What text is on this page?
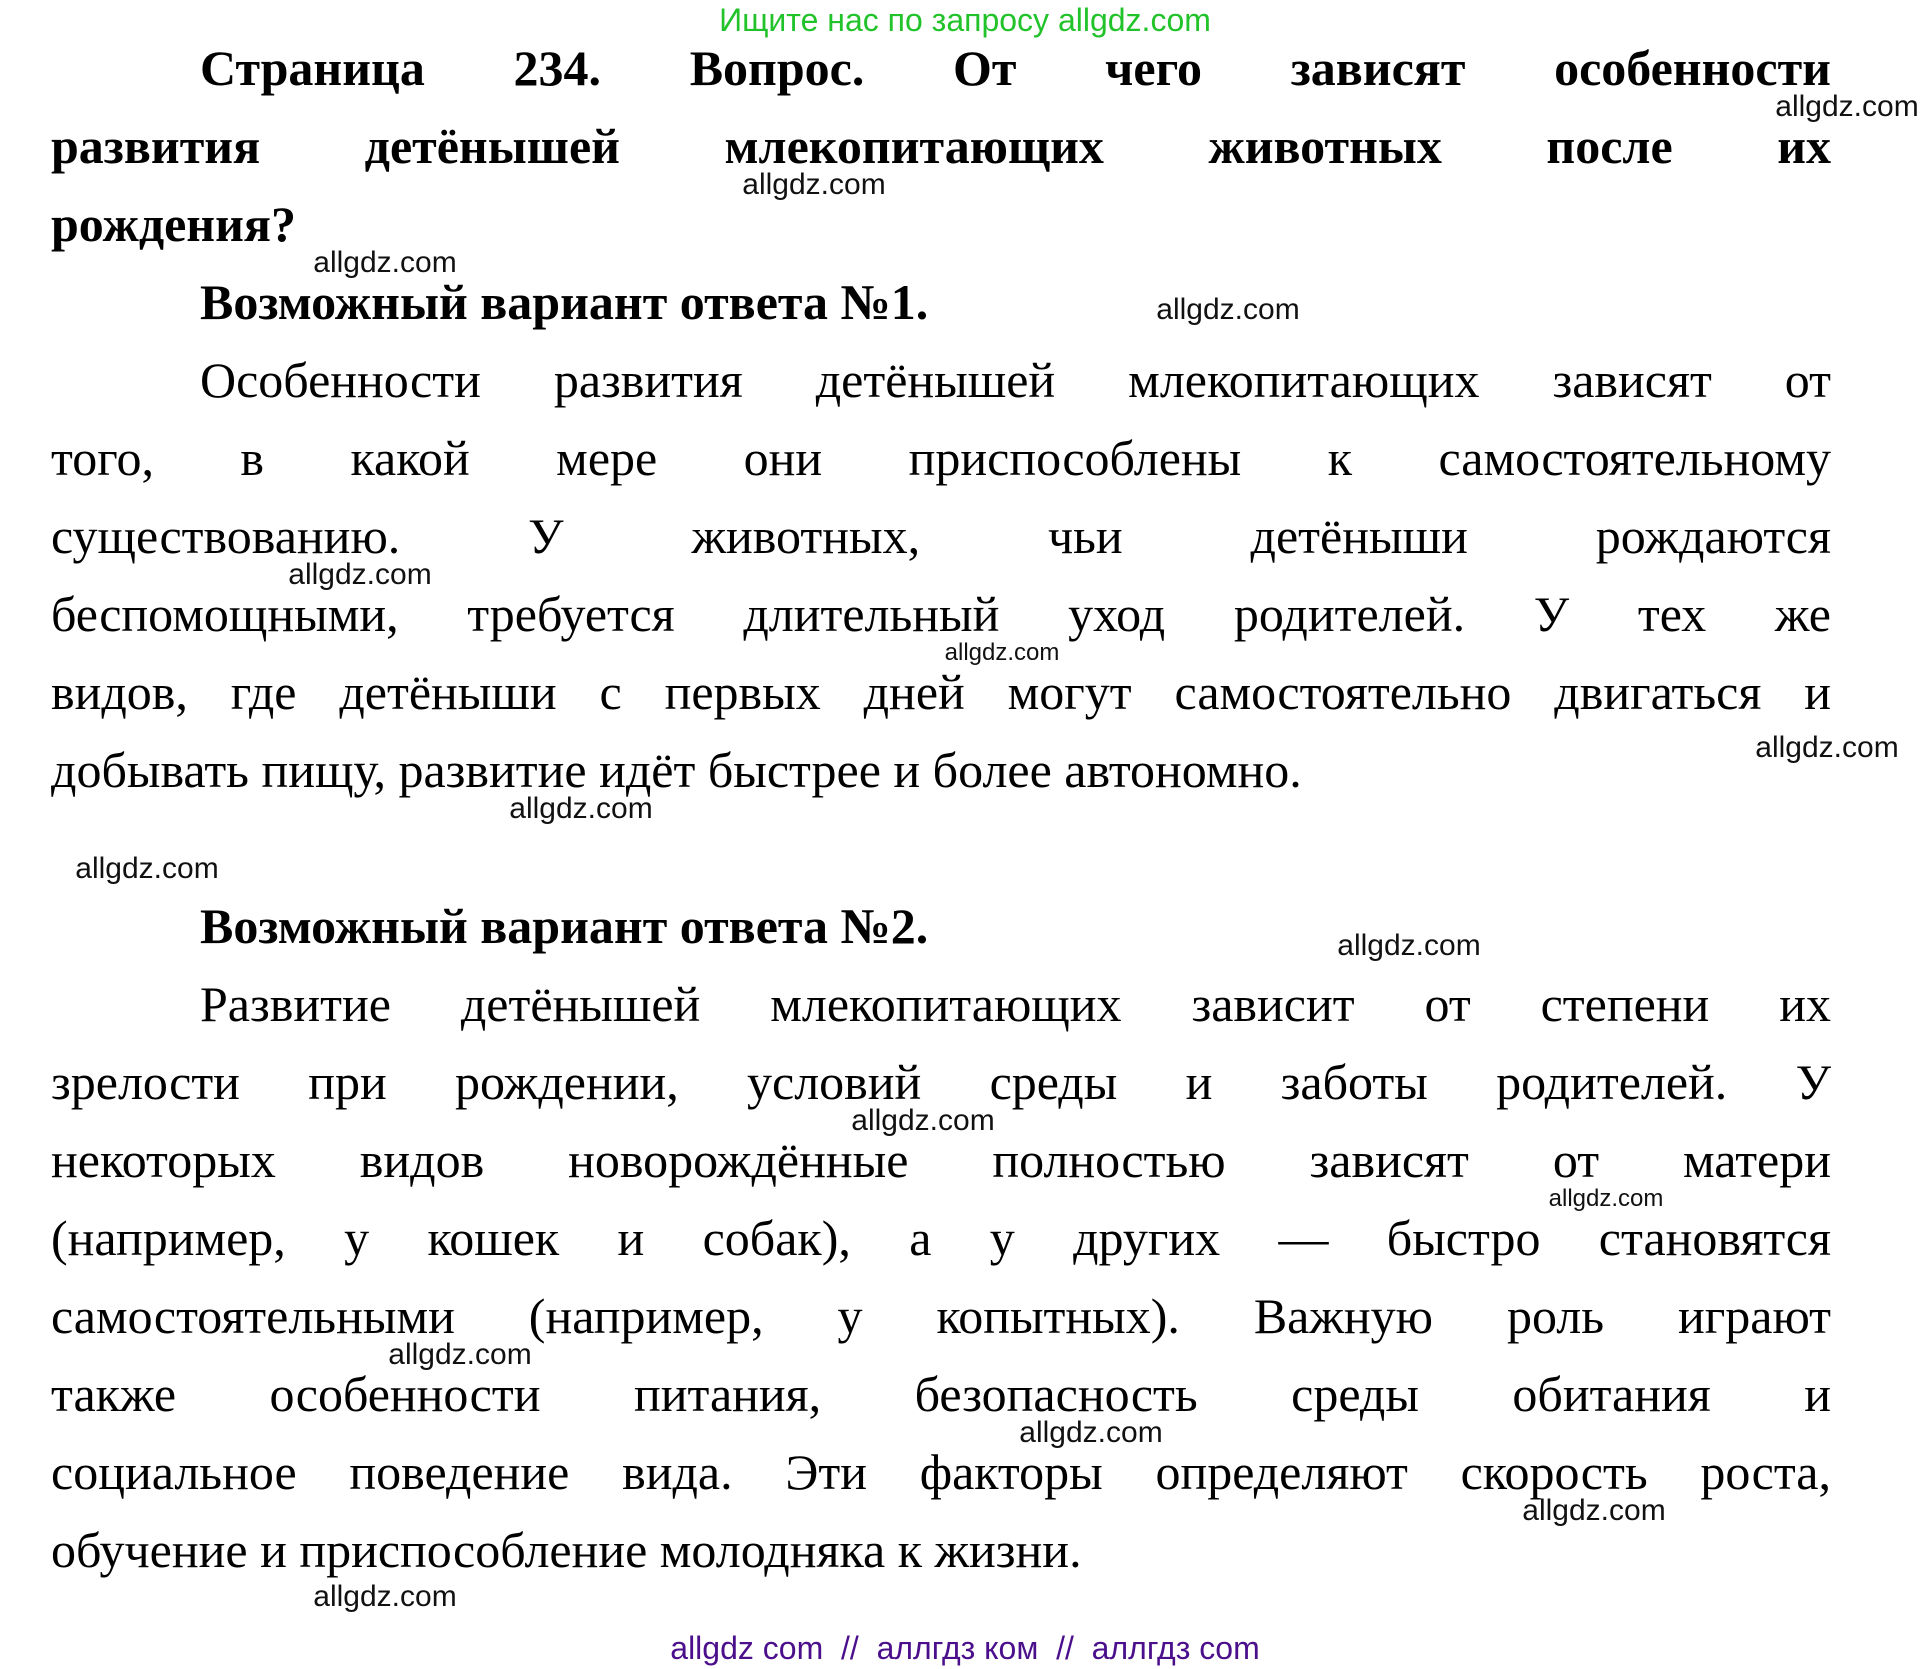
Ищите нас по запросу allgdz.com
Страница 234. Вопрос. От чего зависят особенности
развития детёнышей млекопитающих животных после их
рождения?
Возможный вариант ответа №1.
Особенности развития детёнышей млекопитающих зависят от
того, в какой мере они приспособлены к самостоятельному
существованию. У животных, чьи детёныши рождаются
беспомощными, требуется длительный уход родителей. У тех же
видов, где детёныши с первых дней могут самостоятельно двигаться и
добывать пищу, развитие идёт быстрее и более автономно.
Возможный вариант ответа №2.
Развитие детёнышей млекопитающих зависит от степени их
зрелости при рождении, условий среды и заботы родителей. У
некоторых видов новорождённые полностью зависят от матери
(например, у кошек и собак), а у других — быстро становятся
самостоятельными (например, у копытных). Важную роль играют
также особенности питания, безопасность среды обитания и
социальное поведение вида. Эти факторы определяют скорость роста,
обучение и приспособление молодняка к жизни.
allgdz.com
allgdz.com
allgdz.com
allgdz.com
allgdz.com
allgdz.com
allgdz.com
allgdz.com
allgdz.com
allgdz.com
allgdz.com
allgdz.com
allgdz.com
allgdz.com
allgdz.com
allgdz.com
allgdz com  //  аллгдз ком  //  аллгдз com
